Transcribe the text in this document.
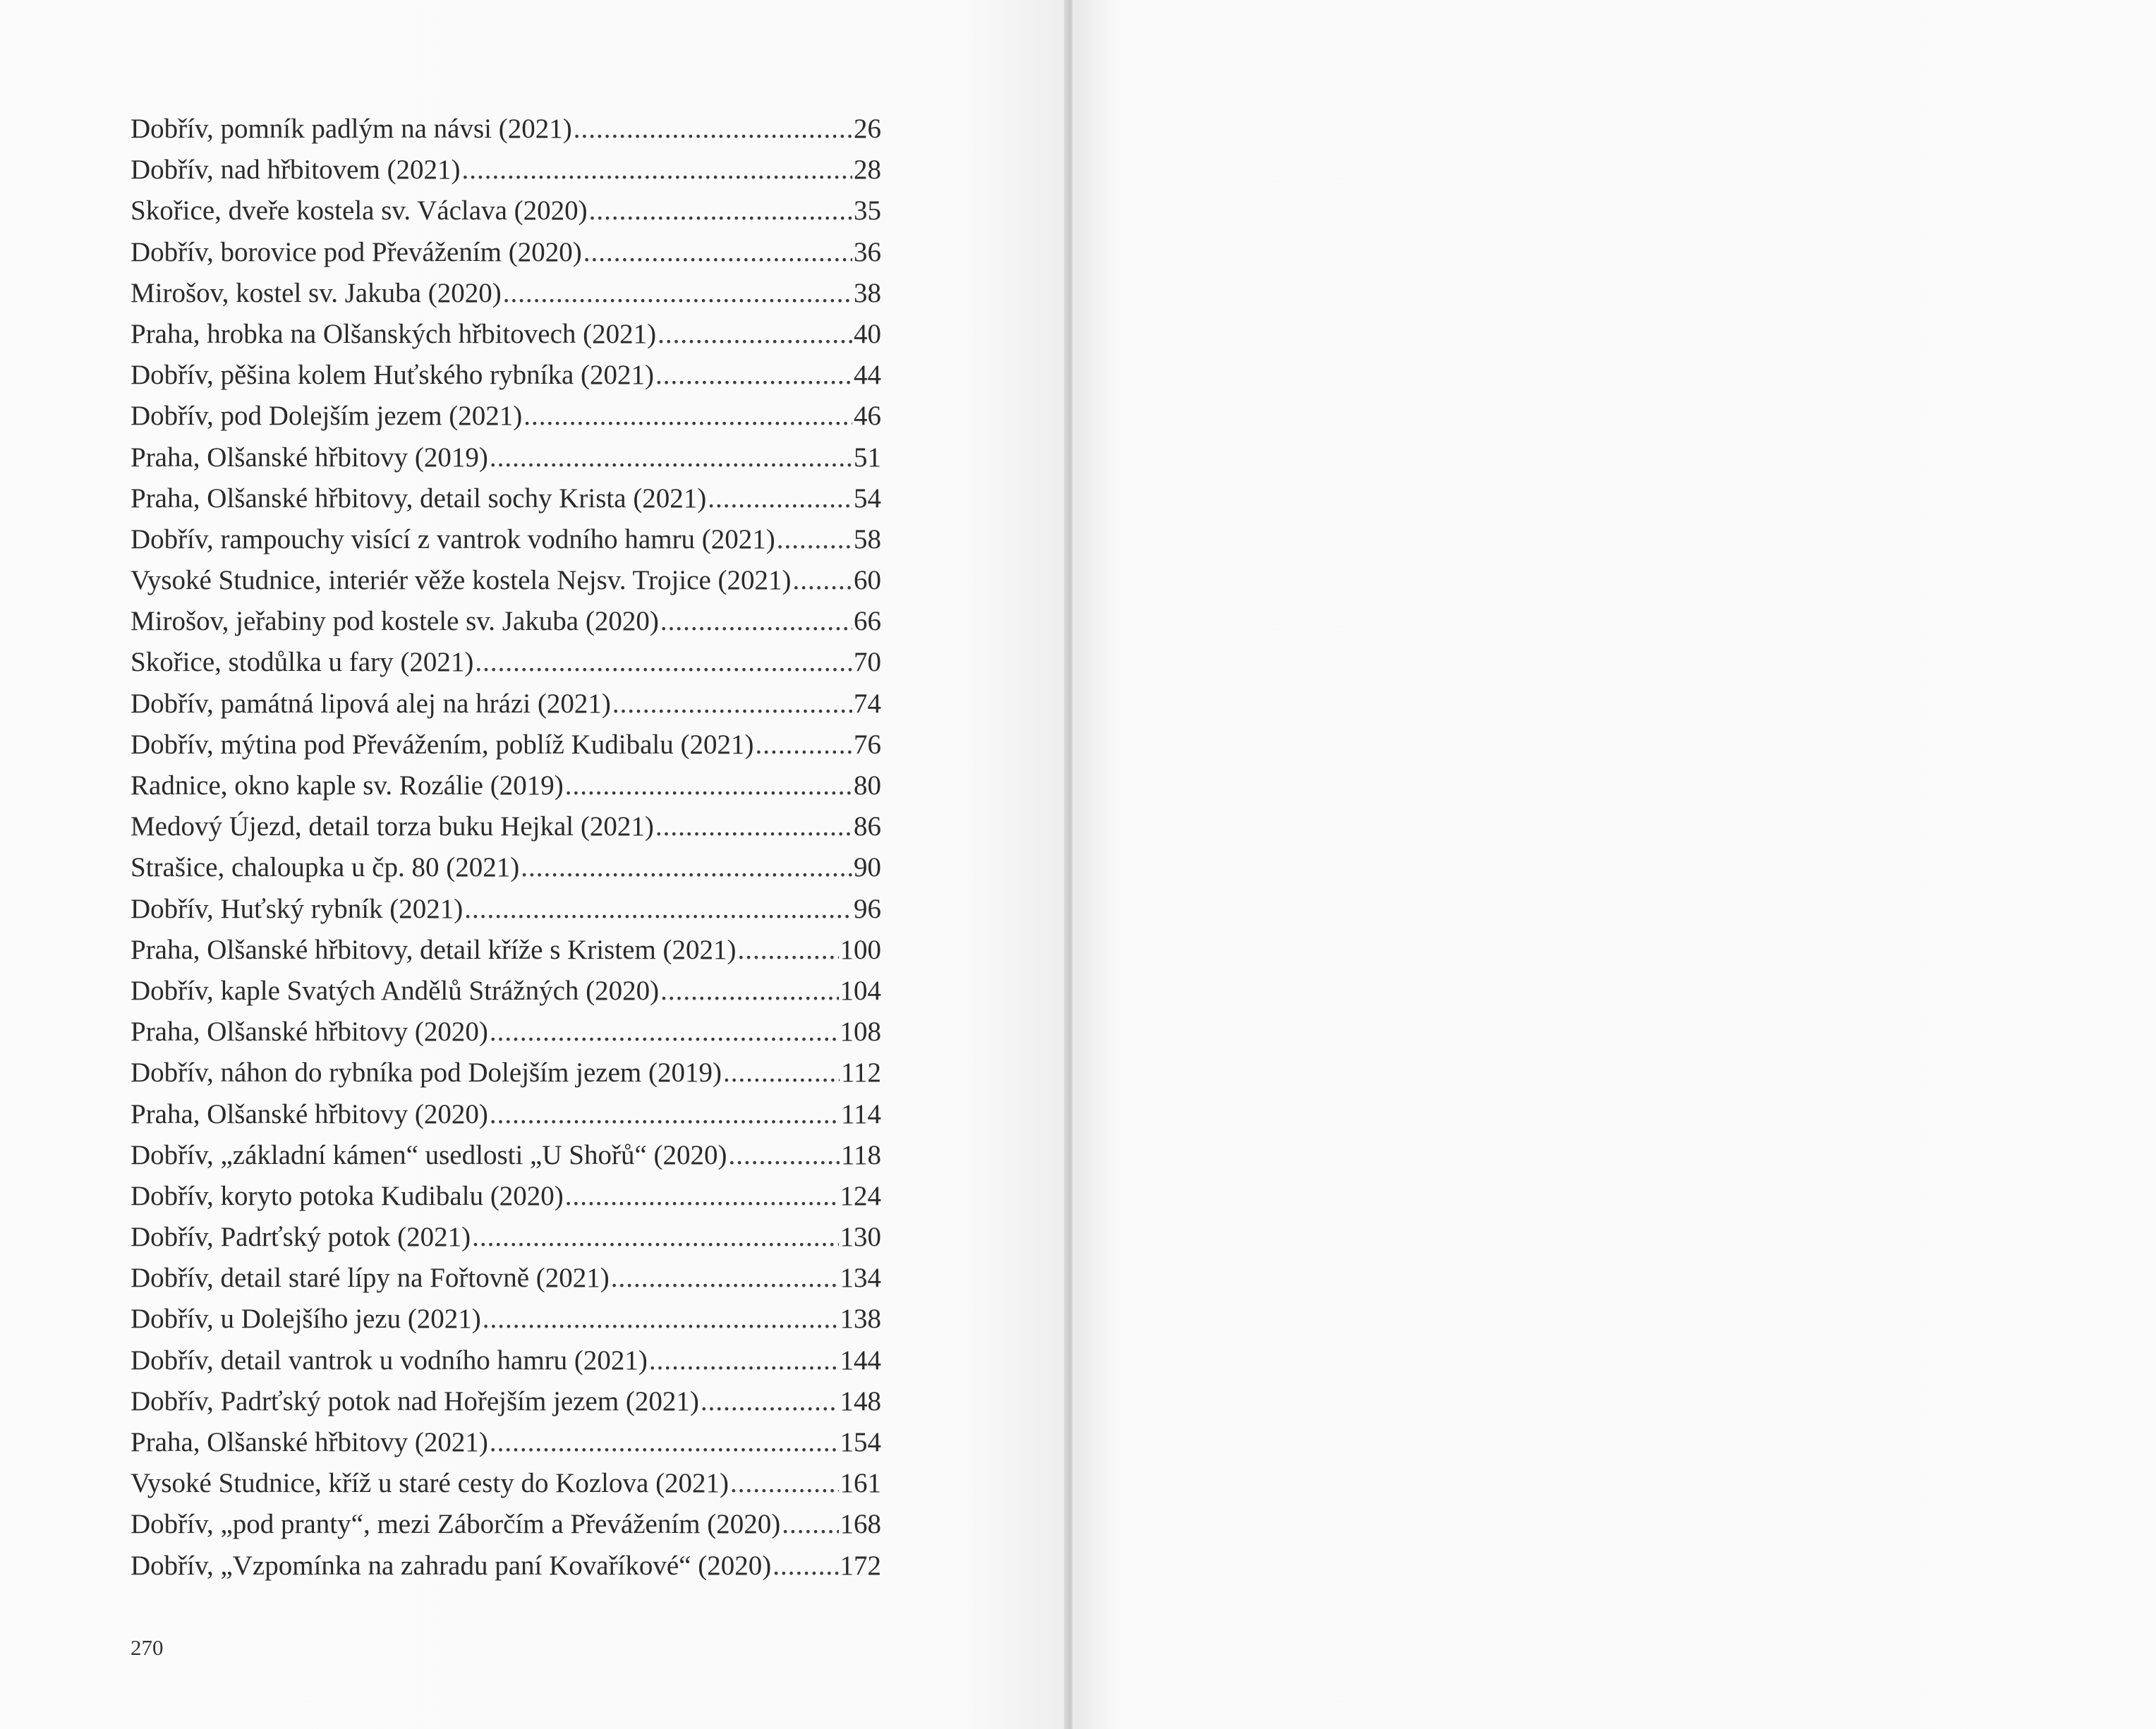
Dobřív, pomník padlým na návsi (2021) .....	26
Dobřív, nad hřbitovem (2021) .....	28
Skořice, dveře kostela sv. Václava (2020) .....	35
Dobřív, borovice pod Převážením (2020) .....	36
Mirošov, kostel sv. Jakuba (2020) .....	38
Praha, hrobka na Olšanských hřbitovech (2021) .....	40
Dobřív, pěšina kolem Huťského rybníka (2021) .....	44
Dobřív, pod Dolejším jezem (2021) .....	46
Praha, Olšanské hřbitovy (2019) .....	51
Praha, Olšanské hřbitovy, detail sochy Krista (2021) .....	54
Dobřív, rampouchy visící z vantrok vodního hamru (2021) .....	58
Vysoké Studnice, interiér věže kostela Nejsv. Trojice (2021) ..... 60
Mirošov, jeřabiny pod kostele sv. Jakuba (2020) .....	66
Skořice, stodůlka u fary (2021) .....	70
Dobřív, památná lipová alej na hrázi (2021) .....	74
Dobřív, mýtina pod Převážením, poblíž Kudibalu (2021) .....	76
Radnice, okno kaple sv. Rozálie (2019) .....	80
Medový Újezd, detail torza buku Hejkal (2021) .....	86
Strašice, chaloupka u čp. 80 (2021) .....	90
Dobřív, Huťský rybník (2021) .....	96
Praha, Olšanské hřbitovy, detail kříže s Kristem (2021) .....	100
Dobřív, kaple Svatých Andělů Strážných (2020) .....	104
Praha, Olšanské hřbitovy (2020) .....	108
Dobřív, náhon do rybníka pod Dolejším jezem (2019) .....	112
Praha, Olšanské hřbitovy (2020) .....	114
Dobřív, „základní kámen“ usedlosti „U Shořů“ (2020) .....	118
Dobřív, koryto potoka Kudibalu (2020) .....	124
Dobřív, Padrťský potok (2021) .....	130
Dobřív, detail staré lípy na Fořtovně (2021) .....	134
Dobřív, u Dolejšího jezu (2021) .....	138
Dobřív, detail vantrok u vodního hamru (2021) .....	144
Dobřív, Padrťský potok nad Hořejším jezem (2021) .....	148
Praha, Olšanské hřbitovy (2021) .....	154
Vysoké Studnice, kříž u staré cesty do Kozlova (2021) .....	161
Dobřív, „pod pranty“, mezi Záborčím a Převážením (2020) ..... 168
Dobřív, „Vzpomínka na zahradu paní Kovaříkové“ (2020) ..... 172
270
